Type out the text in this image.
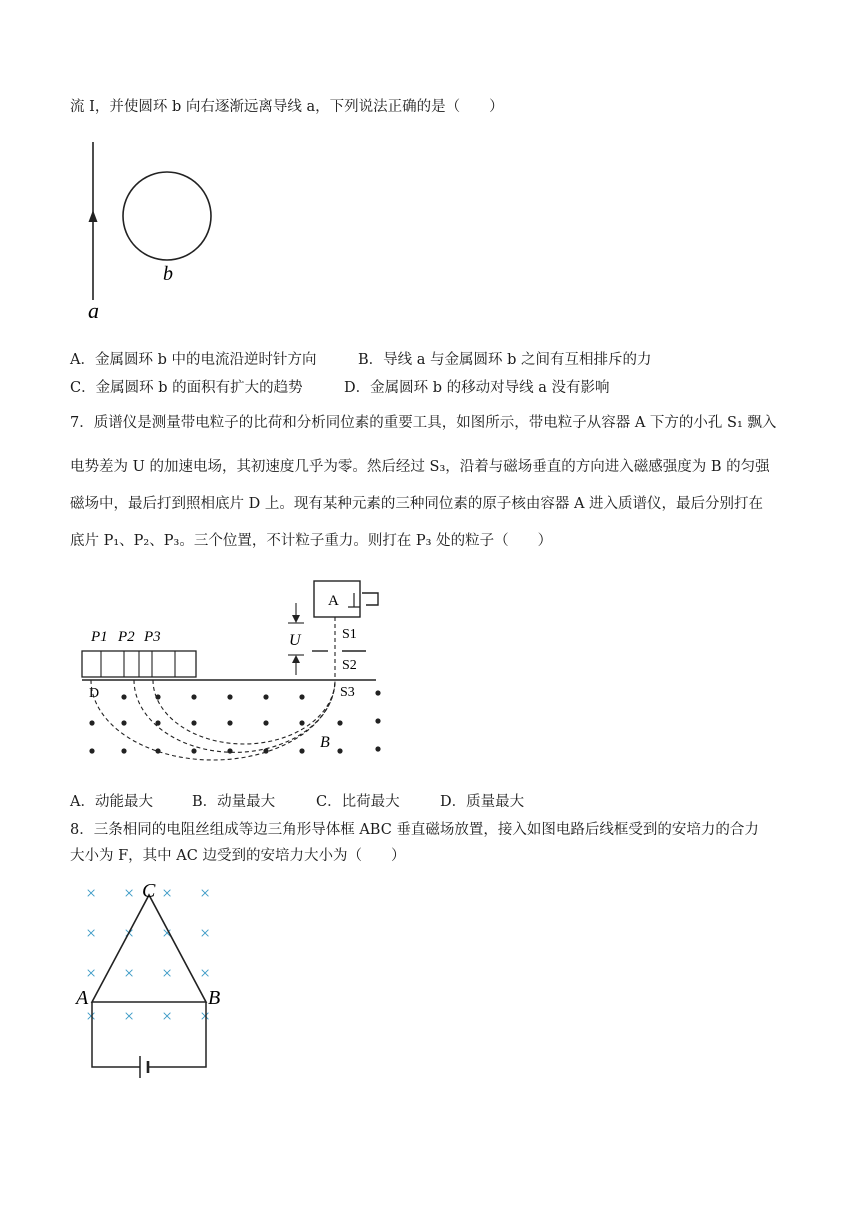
流 I，并使圆环 b 向右逐渐远离导线 a，下列说法正确的是（　　）
b
a
A．金属圆环 b 中的电流沿逆时针方向	B．导线 a 与金属圆环 b 之间有互相排斥的力
C．金属圆环 b 的面积有扩大的趋势	D．金属圆环 b 的移动对导线 a 没有影响
7．质谱仪是测量带电粒子的比荷和分析同位素的重要工具，如图所示，带电粒子从容器 A 下方的小孔 S₁ 飘入
电势差为 U 的加速电场，其初速度几乎为零。然后经过 S₃，沿着与磁场垂直的方向进入磁感强度为 B 的匀强
磁场中，最后打到照相底片 D 上。现有某种元素的三种同位素的原子核由容器 A 进入质谱仪，最后分别打在
底片 P₁、P₂、P₃。三个位置，不计粒子重力。则打在 P₃ 处的粒子（　　）
A
U	S1
S2
P1 P2 P3
D	S3
B
A．动能最大	B．动量最大	C．比荷最大	D．质量最大
8．三条相同的电阻丝组成等边三角形导体框 ABC 垂直磁场放置，接入如图电路后线框受到的安培力的合力
大小为 F，其中 AC 边受到的安培力大小为（　　）
× × × ×
× × × ×
× × × ×
× × × ×
C
A	B
